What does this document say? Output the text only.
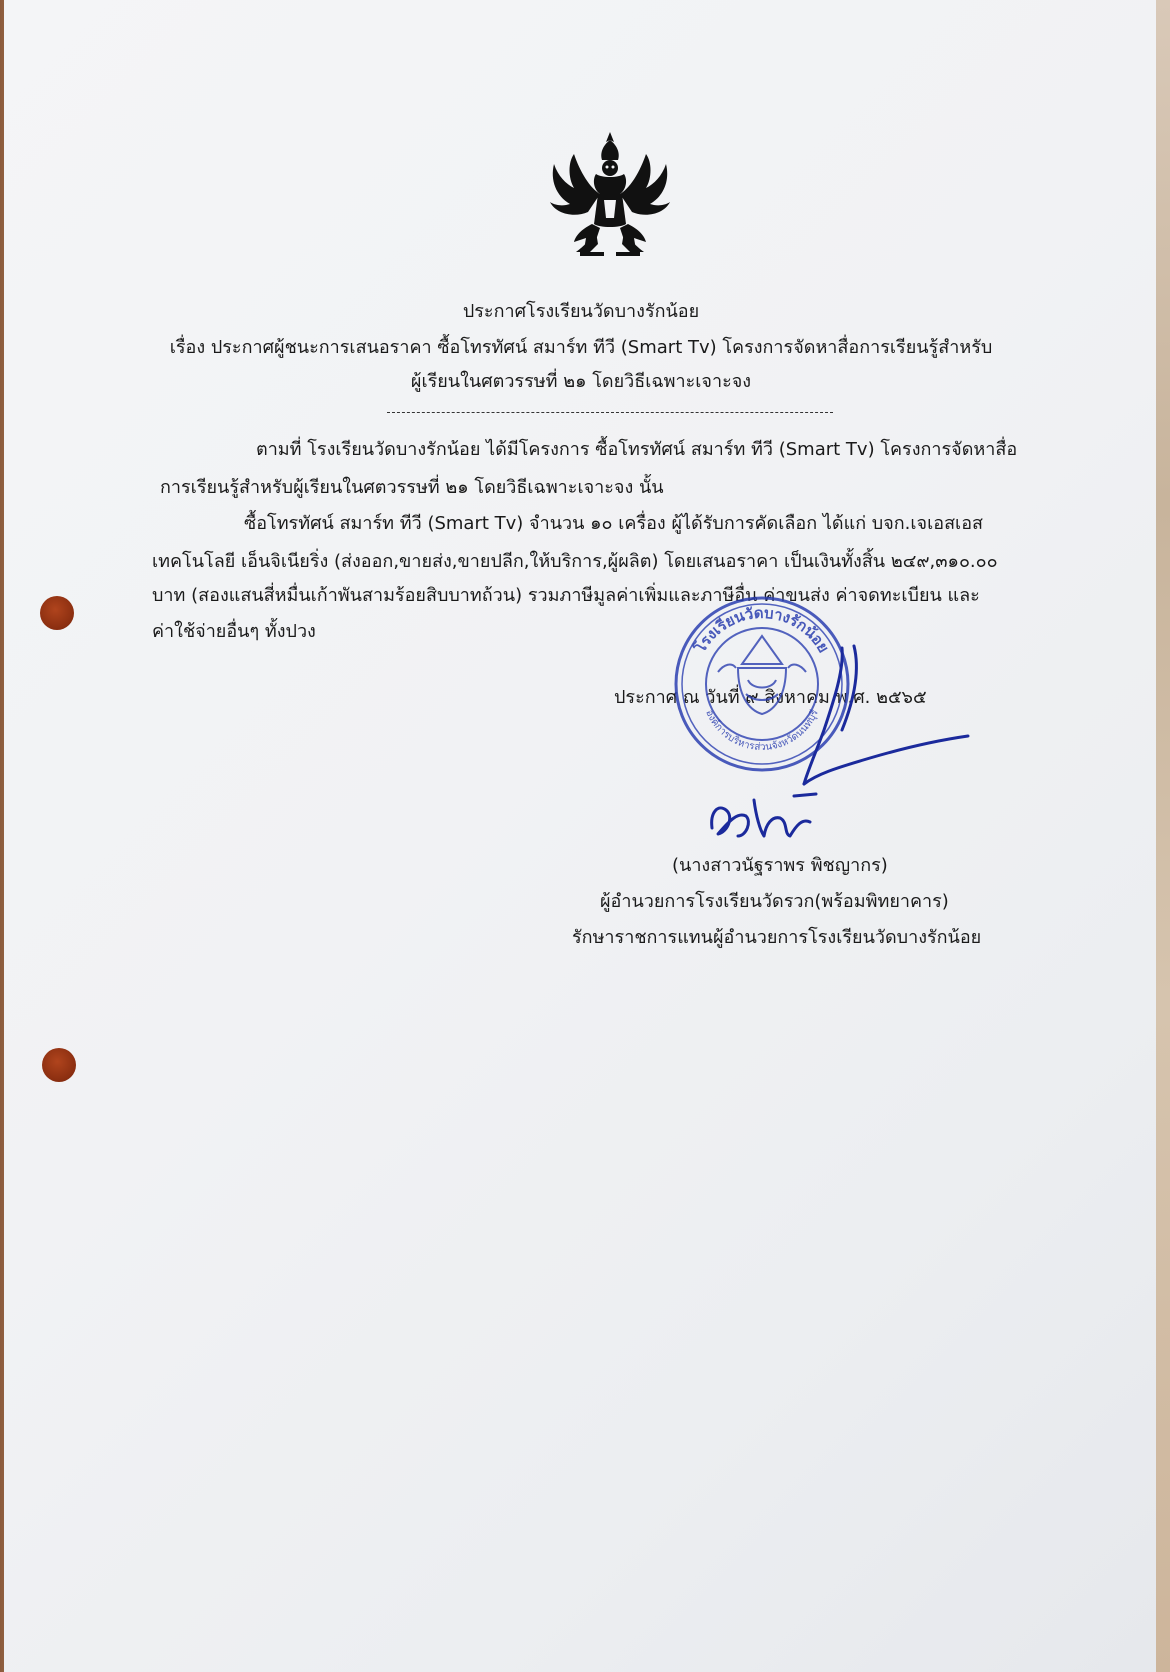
ประกาศโรงเรียนวัดบางรักน้อย
เรื่อง ประกาศผู้ชนะการเสนอราคา ซื้อโทรทัศน์ สมาร์ท ทีวี (Smart Tv) โครงการจัดหาสื่อการเรียนรู้สำหรับ
ผู้เรียนในศตวรรษที่ ๒๑ โดยวิธีเฉพาะเจาะจง
ตามที่ โรงเรียนวัดบางรักน้อย ได้มีโครงการ ซื้อโทรทัศน์ สมาร์ท ทีวี (Smart Tv) โครงการจัดหาสื่อ
การเรียนรู้สำหรับผู้เรียนในศตวรรษที่ ๒๑ โดยวิธีเฉพาะเจาะจง นั้น
ซื้อโทรทัศน์ สมาร์ท ทีวี (Smart Tv) จำนวน ๑๐ เครื่อง ผู้ได้รับการคัดเลือก ได้แก่ บจก.เจเอสเอส
เทคโนโลยี เอ็นจิเนียริ่ง (ส่งออก,ขายส่ง,ขายปลีก,ให้บริการ,ผู้ผลิต) โดยเสนอราคา เป็นเงินทั้งสิ้น ๒๔๙,๓๑๐.๐๐
บาท (สองแสนสี่หมื่นเก้าพันสามร้อยสิบบาทถ้วน) รวมภาษีมูลค่าเพิ่มและภาษีอื่น ค่าขนส่ง ค่าจดทะเบียน และ
ค่าใช้จ่ายอื่นๆ ทั้งปวง
ประกาศ ณ วันที่ ๙ สิงหาคม พ.ศ. ๒๕๖๕
โรงเรียนวัดบางรักน้อย
องค์การบริหารส่วนจังหวัดนนทบุรี
(นางสาวนัฐราพร พิชญากร)
ผู้อำนวยการโรงเรียนวัดรวก(พร้อมพิทยาคาร)
รักษาราชการแทนผู้อำนวยการโรงเรียนวัดบางรักน้อย
